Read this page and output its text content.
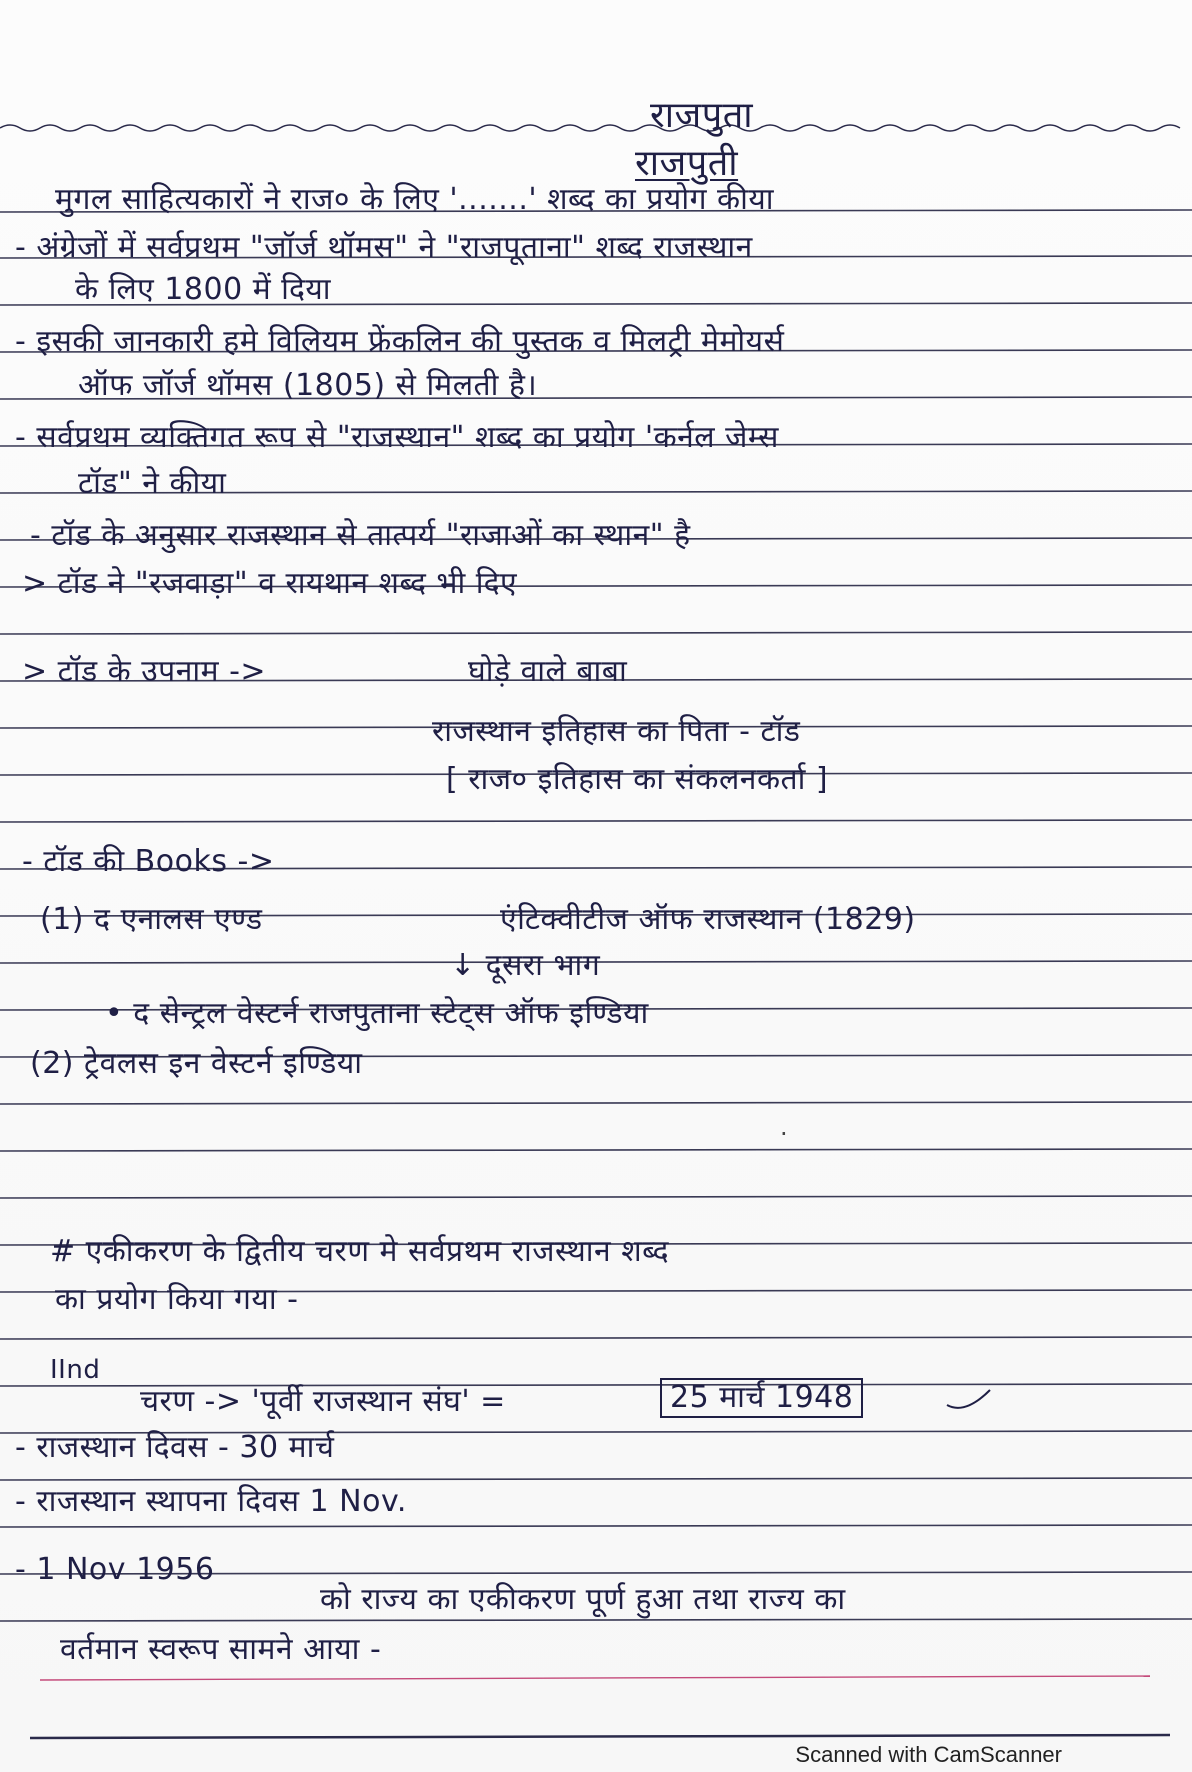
राजपुता
राजपुती
मुगल साहित्यकारों ने राज० के लिए '.......' शब्द का प्रयोग कीया
- अंग्रेजों में सर्वप्रथम "जॉर्ज थॉमस" ने "राजपूताना" शब्द राजस्थान
के लिए 1800 में दिया
- इसकी जानकारी हमे विलियम फ्रेंकलिन की पुस्तक व मिलट्री मेमोयर्स
ऑफ जॉर्ज थॉमस (1805) से मिलती है।
- सर्वप्रथम व्यक्तिगत रूप से "राजस्थान" शब्द का प्रयोग 'कर्नल जेम्स
टॉड" ने कीया
- टॉड के अनुसार राजस्थान से तात्पर्य "राजाओं का स्थान" है
> टॉड ने "रजवाड़ा" व रायथान शब्द भी दिए
> टॉड के उपनाम ->	घोड़े वाले बाबा
राजस्थान इतिहास का पिता - टॉड
[ राज० इतिहास का संकलनकर्ता ]
- टॉड की Books ->
(1) द एनालस एण्ड	एंटिक्वीटीज ऑफ राजस्थान (1829)
↓ दूसरा भाग
• द सेन्ट्रल वेस्टर्न राजपुताना स्टेट्स ऑफ इण्डिया
(2) ट्रेवलस इन वेस्टर्न इण्डिया
·
# एकीकरण के द्वितीय चरण मे सर्वप्रथम राजस्थान शब्द
का प्रयोग किया गया -
IInd
चरण -> 'पूर्वी राजस्थान संघ' =	25 मार्च 1948
- राजस्थान दिवस - 30 मार्च
- राजस्थान स्थापना दिवस 1 Nov.
- 1 Nov 1956
को राज्य का एकीकरण पूर्ण हुआ तथा राज्य का
वर्तमान स्वरूप सामने आया -
Scanned with CamScanner
